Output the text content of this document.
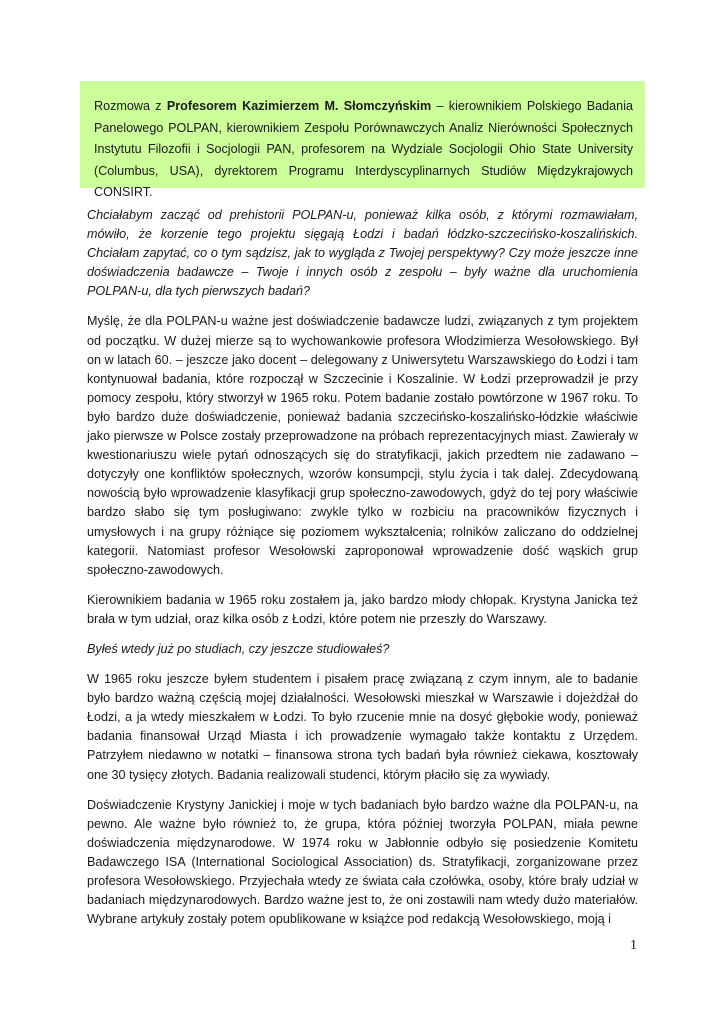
Rozmowa z Profesorem Kazimierzem M. Słomczyńskim – kierownikiem Polskiego Badania Panelowego POLPAN, kierownikiem Zespołu Porównawczych Analiz Nierówności Społecznych Instytutu Filozofii i Socjologii PAN, profesorem na Wydziale Socjologii Ohio State University (Columbus, USA), dyrektorem Programu Interdyscyplinarnych Studiów Międzykrajowych CONSIRT.

Chciałabym zacząć od prehistorii POLPAN-u, ponieważ kilka osób, z którymi rozmawiałam, mówiło, że korzenie tego projektu sięgają Łodzi i badań łódzko-szczecińsko-koszalińskich. Chciałam zapytać, co o tym sądzisz, jak to wygląda z Twojej perspektywy? Czy może jeszcze inne doświadczenia badawcze – Twoje i innych osób z zespołu – były ważne dla uruchomienia POLPAN-u, dla tych pierwszych badań?

Myślę, że dla POLPAN-u ważne jest doświadczenie badawcze ludzi, związanych z tym projektem od początku. W dużej mierze są to wychowankowie profesora Włodzimierza Wesołowskiego. Był on w latach 60. – jeszcze jako docent – delegowany z Uniwersytetu Warszawskiego do Łodzi i tam kontynuował badania, które rozpoczął w Szczecinie i Koszalinie. W Łodzi przeprowadził je przy pomocy zespołu, który stworzył w 1965 roku. Potem badanie zostało powtórzone w 1967 roku. To było bardzo duże doświadczenie, ponieważ badania szczecińsko-koszalińsko-łódzkie właściwie jako pierwsze w Polsce zostały przeprowadzone na próbach reprezentacyjnych miast. Zawierały w kwestionariuszu wiele pytań odnoszących się do stratyfikacji, jakich przedtem nie zadawano – dotyczyły one konfliktów społecznych, wzorów konsumpcji, stylu życia i tak dalej. Zdecydowaną nowością było wprowadzenie klasyfikacji grup społeczno-zawodowych, gdyż do tej pory właściwie bardzo słabo się tym posługiwano: zwykle tylko w rozbiciu na pracowników fizycznych i umysłowych i na grupy różniące się poziomem wykształcenia; rolników zaliczano do oddzielnej kategorii. Natomiast profesor Wesołowski zaproponował wprowadzenie dość wąskich grup społeczno-zawodowych.

Kierownikiem badania w 1965 roku zostałem ja, jako bardzo młody chłopak. Krystyna Janicka też brała w tym udział, oraz kilka osób z Łodzi, które potem nie przeszły do Warszawy.

Byłeś wtedy już po studiach, czy jeszcze studiowałeś?

W 1965 roku jeszcze byłem studentem i pisałem pracę związaną z czym innym, ale to badanie było bardzo ważną częścią mojej działalności. Wesołowski mieszkał w Warszawie i dojeżdżał do Łodzi, a ja wtedy mieszkałem w Łodzi. To było rzucenie mnie na dosyć głębokie wody, ponieważ badania finansował Urząd Miasta i ich prowadzenie wymagało także kontaktu z Urzędem. Patrzyłem niedawno w notatki – finansowa strona tych badań była również ciekawa, kosztowały one 30 tysięcy złotych. Badania realizowali studenci, którym płaciło się za wywiady.

Doświadczenie Krystyny Janickiej i moje w tych badaniach było bardzo ważne dla POLPAN-u, na pewno. Ale ważne było również to, że grupa, która później tworzyła POLPAN, miała pewne doświadczenia międzynarodowe. W 1974 roku w Jabłonnie odbyło się posiedzenie Komitetu Badawczego ISA (International Sociological Association) ds. Stratyfikacji, zorganizowane przez profesora Wesołowskiego. Przyjechała wtedy ze świata cała czołówka, osoby, które brały udział w badaniach międzynarodowych. Bardzo ważne jest to, że oni zostawili nam wtedy dużo materiałów. Wybrane artykuły zostały potem opublikowane w książce pod redakcją Wesołowskiego, moją i

1
